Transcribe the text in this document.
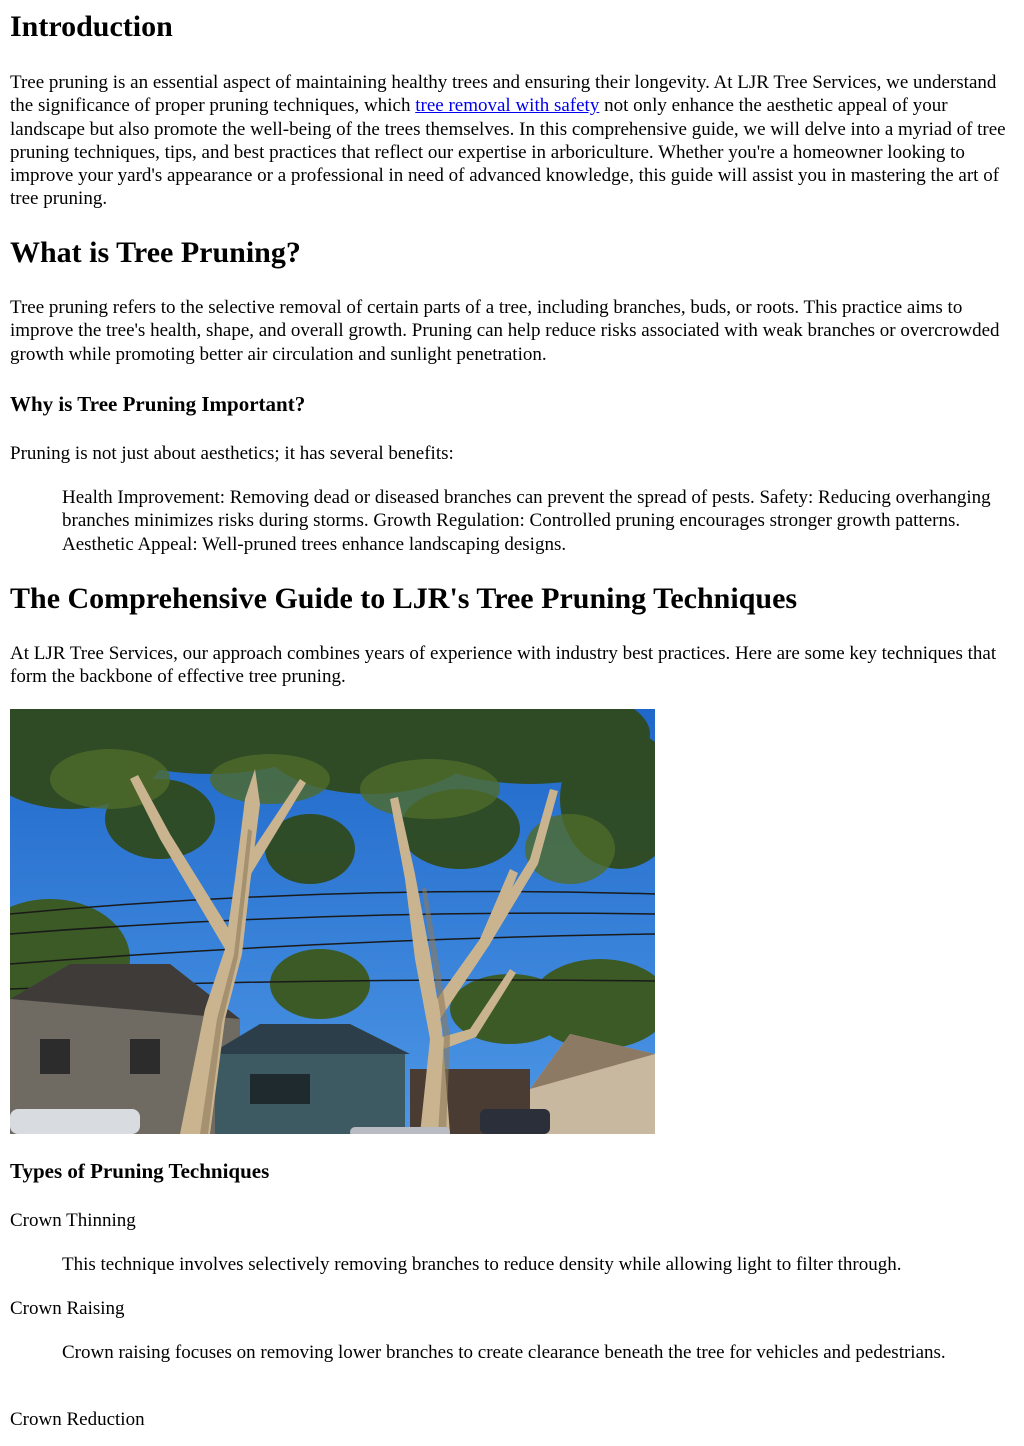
Introduction

Tree pruning is an essential aspect of maintaining healthy trees and ensuring their longevity. At LJR Tree Services, we understand the significance of proper pruning techniques, which tree removal with safety not only enhance the aesthetic appeal of your landscape but also promote the well-being of the trees themselves. In this comprehensive guide, we will delve into a myriad of tree pruning techniques, tips, and best practices that reflect our expertise in arboriculture. Whether you're a homeowner looking to improve your yard's appearance or a professional in need of advanced knowledge, this guide will assist you in mastering the art of tree pruning.

What is Tree Pruning?

Tree pruning refers to the selective removal of certain parts of a tree, including branches, buds, or roots. This practice aims to improve the tree's health, shape, and overall growth. Pruning can help reduce risks associated with weak branches or overcrowded growth while promoting better air circulation and sunlight penetration.

Why is Tree Pruning Important?

Pruning is not just about aesthetics; it has several benefits:

Health Improvement: Removing dead or diseased branches can prevent the spread of pests. Safety: Reducing overhanging branches minimizes risks during storms. Growth Regulation: Controlled pruning encourages stronger growth patterns. Aesthetic Appeal: Well-pruned trees enhance landscaping designs.

The Comprehensive Guide to LJR's Tree Pruning Techniques

At LJR Tree Services, our approach combines years of experience with industry best practices. Here are some key techniques that form the backbone of effective tree pruning.

Types of Pruning Techniques

Crown Thinning

This technique involves selectively removing branches to reduce density while allowing light to filter through.

Crown Raising

Crown raising focuses on removing lower branches to create clearance beneath the tree for vehicles and pedestrians.

Crown Reduction
